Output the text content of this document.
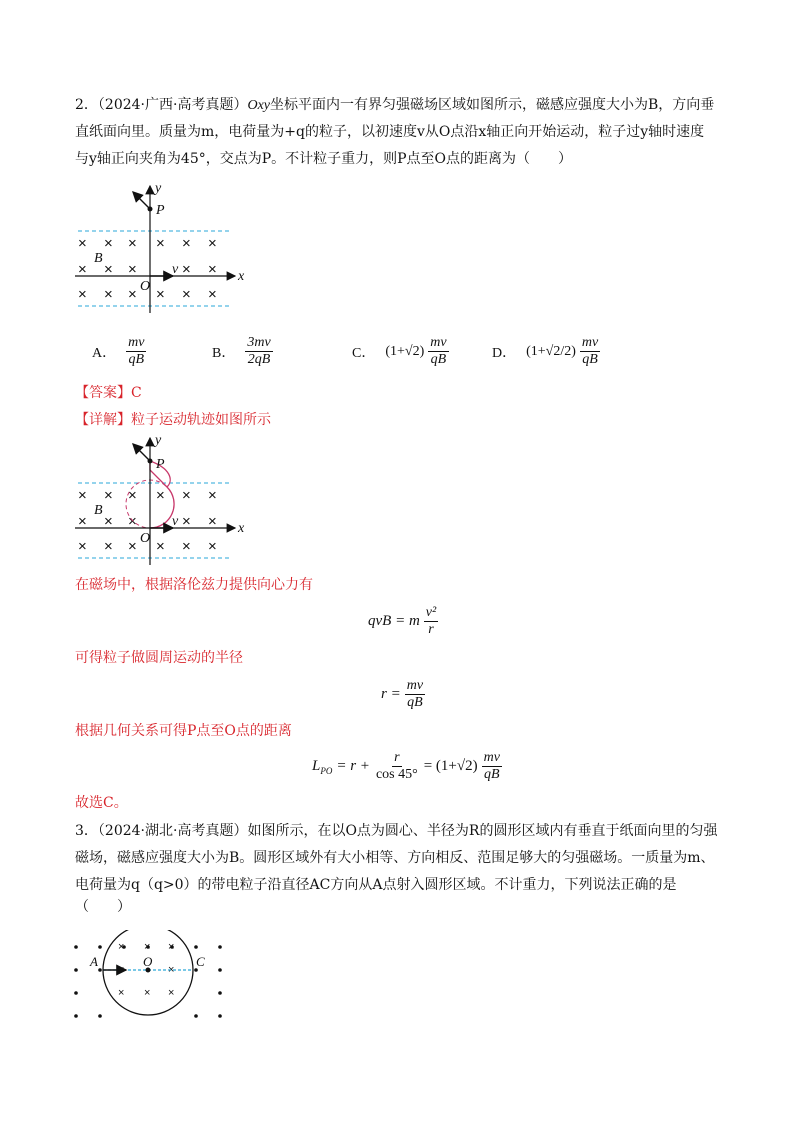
2．（2024·广西·高考真题）Oxy坐标平面内一有界匀强磁场区域如图所示，磁感应强度大小为B，方向垂
直纸面向里。质量为m，电荷量为+q的粒子，以初速度v从O点沿x轴正向开始运动，粒子过y轴时速度
与y轴正向夹角为45°，交点为P。不计粒子重力，则P点至O点的距离为（　　）
× × × × × ×
× × ×	× ×
× × × × × ×
y
P
B
O
v	x
A． $\frac{mv}{qB}$	B． $\frac{3mv}{2qB}$	C． $(1+√2) \frac{mv}{qB}$	D． $(1+√2/2) \frac{mv}{qB}$
【答案】C
【详解】粒子运动轨迹如图所示
× × × × × ×
× × ×	× ×
× × × × × ×
y
P
B
O
v	x
在磁场中，根据洛伦兹力提供向心力有
qvB = m $\frac{\text{v²}}{r}$
可得粒子做圆周运动的半径
$r = \frac{mv}{qB}$
根据几何关系可得P点至O点的距离
$L_{PO} = r + \frac{r}{\cos 45^\circ} = (1+√2) \frac{mv}{qB}$
故选C。
3．（2024·湖北·高考真题）如图所示，在以O点为圆心、半径为R的圆形区域内有垂直于纸面向里的匀强
磁场，磁感应强度大小为B。圆形区域外有大小相等、方向相反、范围足够大的匀强磁场。一质量为m、
电荷量为q（q>0）的带电粒子沿直径AC方向从A点射入圆形区域。不计重力，下列说法正确的是
（　　）
× × ×
×	×
× × ×
A	O	C
